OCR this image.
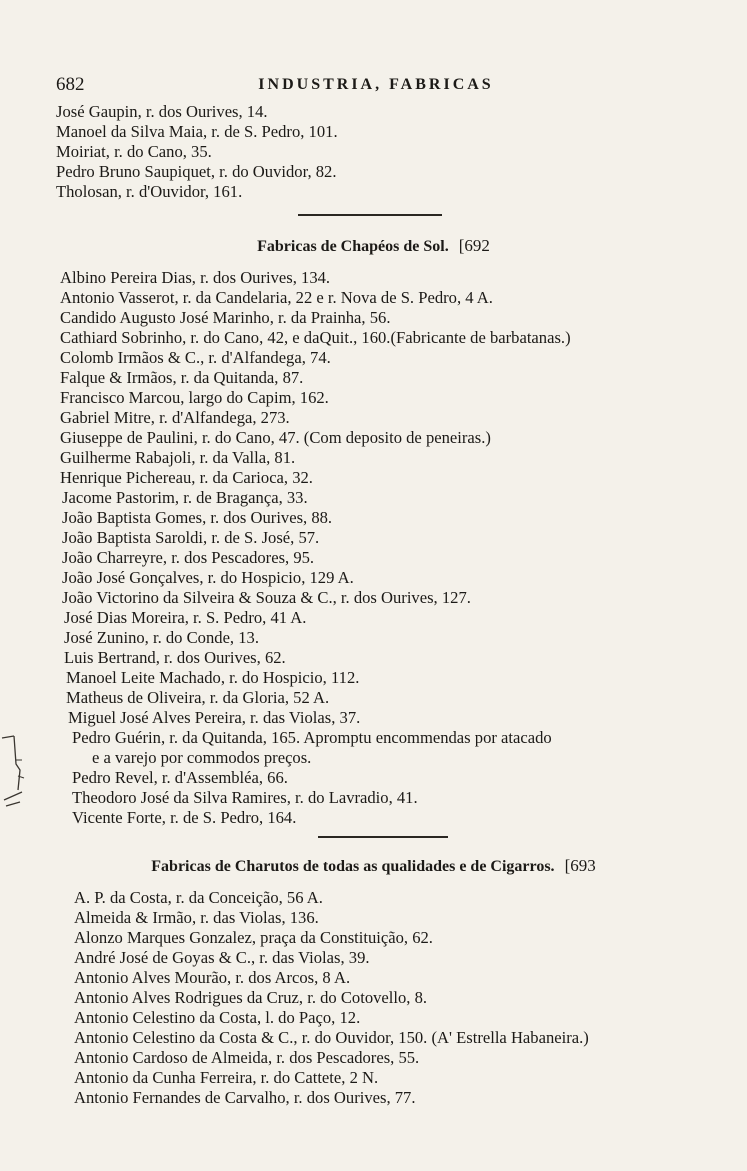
682	INDUSTRIA, FABRICAS
José Gaupin, r. dos Ourives, 14.
Manoel da Silva Maia, r. de S. Pedro, 101.
Moiriat, r. do Cano, 35.
Pedro Bruno Saupiquet, r. do Ouvidor, 82.
Tholosan, r. d'Ouvidor, 161.
Fabricas de Chapéos de Sol. [692
Albino Pereira Dias, r. dos Ourives, 134.
Antonio Vasserot, r. da Candelaria, 22 e r. Nova de S. Pedro, 4 A.
Candido Augusto José Marinho, r. da Prainha, 56.
Cathiard Sobrinho, r. do Cano, 42, e daQuit., 160.(Fabricante de barbatanas.)
Colomb Irmãos & C., r. d'Alfandega, 74.
Falque & Irmãos, r. da Quitanda, 87.
Francisco Marcou, largo do Capim, 162.
Gabriel Mitre, r. d'Alfandega, 273.
Giuseppe de Paulini, r. do Cano, 47. (Com deposito de peneiras.)
Guilherme Rabajoli, r. da Valla, 81.
Henrique Pichereau, r. da Carioca, 32.
Jacome Pastorim, r. de Bragança, 33.
João Baptista Gomes, r. dos Ourives, 88.
João Baptista Saroldi, r. de S. José, 57.
João Charreyre, r. dos Pescadores, 95.
João José Gonçalves, r. do Hospicio, 129 A.
João Victorino da Silveira & Souza & C., r. dos Ourives, 127.
José Dias Moreira, r. S. Pedro, 41 A.
José Zunino, r. do Conde, 13.
Luis Bertrand, r. dos Ourives, 62.
Manoel Leite Machado, r. do Hospicio, 112.
Matheus de Oliveira, r. da Gloria, 52 A.
Miguel José Alves Pereira, r. das Violas, 37.
Pedro Guérin, r. da Quitanda, 165. Apromptu encommendas por atacado
e a varejo por commodos preços.
Pedro Revel, r. d'Assembléa, 66.
Theodoro José da Silva Ramires, r. do Lavradio, 41.
Vicente Forte, r. de S. Pedro, 164.
Fabricas de Charutos de todas as qualidades e de Cigarros. [693
A. P. da Costa, r. da Conceição, 56 A.
Almeida & Irmão, r. das Violas, 136.
Alonzo Marques Gonzalez, praça da Constituição, 62.
André José de Goyas & C., r. das Violas, 39.
Antonio Alves Mourão, r. dos Arcos, 8 A.
Antonio Alves Rodrigues da Cruz, r. do Cotovello, 8.
Antonio Celestino da Costa, l. do Paço, 12.
Antonio Celestino da Costa & C., r. do Ouvidor, 150. (A' Estrella Habaneira.)
Antonio Cardoso de Almeida, r. dos Pescadores, 55.
Antonio da Cunha Ferreira, r. do Cattete, 2 N.
Antonio Fernandes de Carvalho, r. dos Ourives, 77.
